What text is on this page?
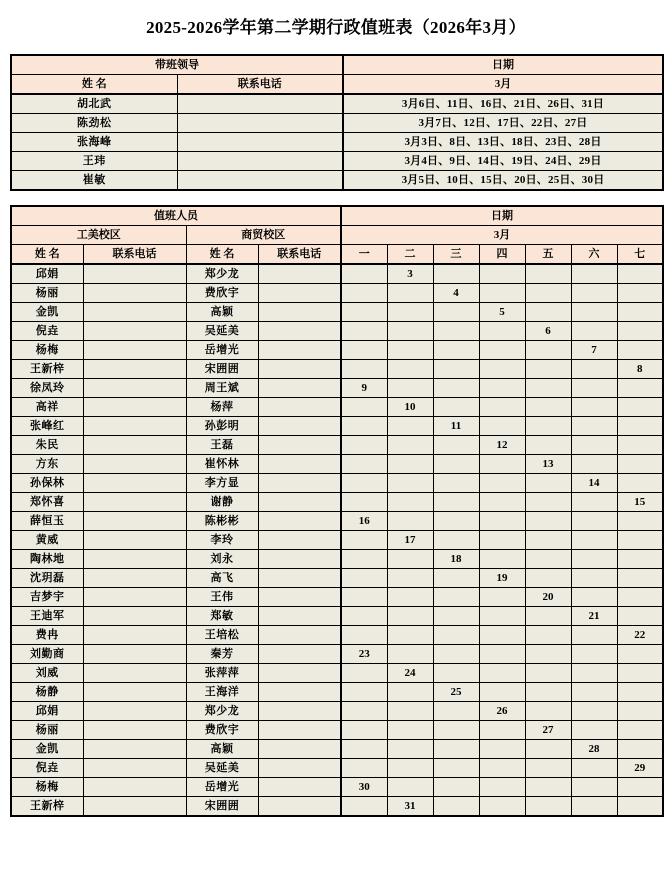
2025-2026学年第二学期行政值班表（2026年3月）
带班领导		日期
姓 名	联系电话	3月
胡北武		3月6日、11日、16日、21日、26日、31日
陈劲松		3月7日、12日、17日、22日、27日
张海峰		3月3日、8日、13日、18日、23日、28日
王玮		3月4日、9日、14日、19日、24日、29日
崔敏		3月5日、10日、15日、20日、25日、30日
值班人员				日期						
工美校区		商贸校区		3月						
姓 名	联系电话	姓 名	联系电话	一	二	三	四	五	六	七
邱娟		郑少龙			3					
杨丽		费欣宇				4				
金凯		高颖					5			
倪垚		吴延美						6		
杨梅		岳增光							7	
王新梓		宋囲囲								8
徐凤玲		周王斌		9						
高祥		杨萍			10					
张峰红		孙彭明				11				
朱民		王磊					12			
方东		崔怀林						13		
孙保林		李方显							14	
郑怀喜		谢静								15
薛恒玉		陈彬彬		16						
黄威		李玲			17					
陶林地		刘永				18				
沈玥磊		高飞					19			
吉梦宇		王伟						20		
王迪军		郑敏							21	
费冉		王培松								22
刘勤商		秦芳		23						
刘威		张萍萍			24					
杨静		王海洋				25				
邱娟		郑少龙					26			
杨丽		费欣宇						27		
金凯		高颖							28	
倪垚		吴延美								29
杨梅		岳增光		30						
王新梓		宋囲囲			31					
